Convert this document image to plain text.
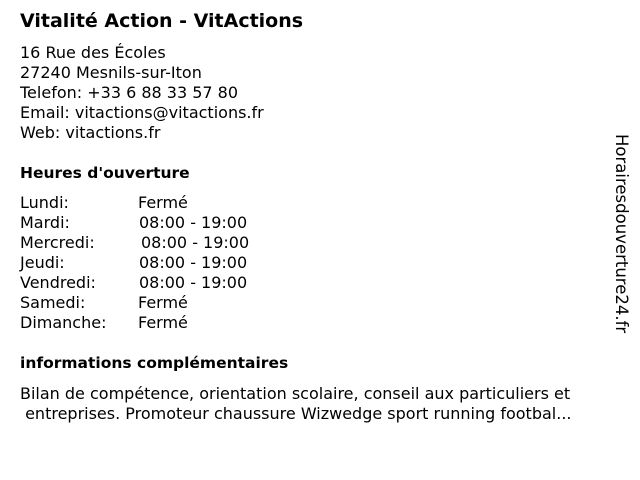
Vitalité Action - VitActions
16 Rue des Écoles
27240 Mesnils-sur-Iton
Telefon: +33 6 88 33 57 80
Email: vitactions@vitactions.fr
Web: vitactions.fr
Heures d'ouverture
Lundi:	Fermé
Mardi:	08:00 - 19:00
Mercredi:	08:00 - 19:00
Jeudi:	08:00 - 19:00
Vendredi:	08:00 - 19:00
Samedi:	Fermé
Dimanche: Fermé
informations complémentaires
Bilan de compétence, orientation scolaire, conseil aux particuliers et
entreprises. Promoteur chaussure Wizwedge sport running footbal...
Horairesdouverture24.fr
